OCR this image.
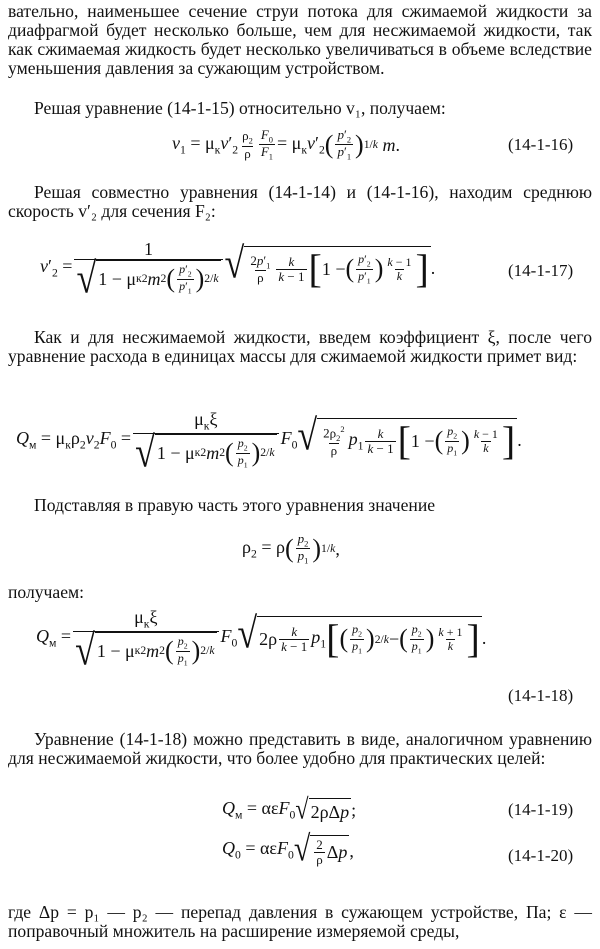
вательно, наименьшее сечение струи потока для сжимаемой жидкости за диафрагмой будет несколько больше, чем для несжимаемой жидкости, так как сжимаемая жидкость будет несколько увеличиваться в объеме вследствие уменьшения давления за сужающим устройством.
Решая уравнение (14-1-15) относительно v₁, получаем:
$v_1 = \mu_кv'_2 \frac{\rho_2}{\rho} \frac{F_0}{F_1} = \mu_кv'_2$ ( $\frac{p'_2}{p'_1}$ ) 1/k m.	(14-1-16)
Решая совместно уравнения (14-1-14) и (14-1-16), находим среднюю скорость v′₂ для сечения F₂:
$v'_2 = \frac{1}{√ 1 - \mu к 2 m 2 ( \frac{p'_2}{p'_1} ) 2/k}$ √ $\frac{2p'_1}{\rho} \frac{k}{k - 1}$ [ 1 − ( $\frac{p'_2}{p'_1}$ ) $\frac{k - 1}{k}$ ] .	(14-1-17)
Как и для несжимаемой жидкости, введем коэффициент ξ, после чего уравнение расхода в единицах массы для сжимаемой жидкости примет вид:
$Q_м = \mu_к\rho_2v_2F_0 = \frac{\mu_к\xi}{√ 1 - \mu к 2 m 2 ( \frac{p_2}{p_1} ) 2/k} F_0$ √ $\frac{2\rho_2^2}{\rho} p_1 \frac{k}{k - 1}$ [ 1 − ( $\frac{p_2}{p_1}$ ) $\frac{k - 1}{k}$ ] .
Подставляя в правую часть этого уравнения значение
$\rho_2 = \rho$ ( $\frac{p_2}{p_1}$ ) 1/k ,
получаем:
$Q_м = \frac{\mu_к\xi}{√ 1 - \mu к 2 m 2 ( \frac{p_2}{p_1} ) 2/k} F_0$ √ $2\rho \frac{k}{k - 1} p_1$ [ ( $\frac{p_2}{p_1}$ ) 2/k − ( $\frac{p_2}{p_1}$ ) $\frac{k + 1}{k}$ ] .
(14-1-18)
Уравнение (14-1-18) можно представить в виде, аналогичном уравнению для несжимаемой жидкости, что более удобно для практических целей:
$Q_м = \alpha\varepsilon F_0$ √ 2ρΔ p ;	(14-1-19)
$Q_0 = \alpha\varepsilon F_0$ √ $\frac{2}{\rho}$ Δ p ,	(14-1-20)
где Δp = p₁ — p₂ — перепад давления в сужающем устройстве, Па; ε — поправочный множитель на расширение измеряемой среды,
